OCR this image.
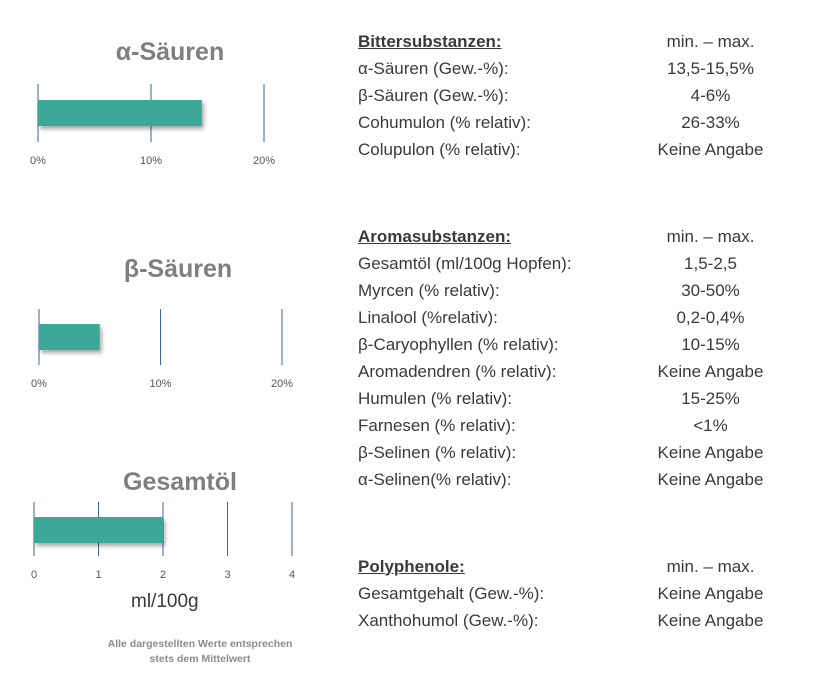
α-Säuren
0%	10%	20%
β-Säuren
0%	10%	20%
Gesamtöl
0	1	2	3	4
ml/100g
Alle dargestellten Werte entsprechen
stets dem Mittelwert
Bittersubstanzen:	min. – max.
α-Säuren (Gew.-%):	13,5-15,5%
β-Säuren (Gew.-%):	4-6%
Cohumulon (% relativ):	26-33%
Colupulon (% relativ):	Keine Angabe
Aromasubstanzen:	min. – max.
Gesamtöl (ml/100g Hopfen):	1,5-2,5
Myrcen (% relativ):	30-50%
Linalool (%relativ):	0,2-0,4%
β-Caryophyllen (% relativ):	10-15%
Aromadendren (% relativ):	Keine Angabe
Humulen (% relativ):	15-25%
Farnesen (% relativ):	<1%
β-Selinen (% relativ):	Keine Angabe
α-Selinen(% relativ):	Keine Angabe
Polyphenole:	min. – max.
Gesamtgehalt (Gew.-%):	Keine Angabe
Xanthohumol (Gew.-%):	Keine Angabe
